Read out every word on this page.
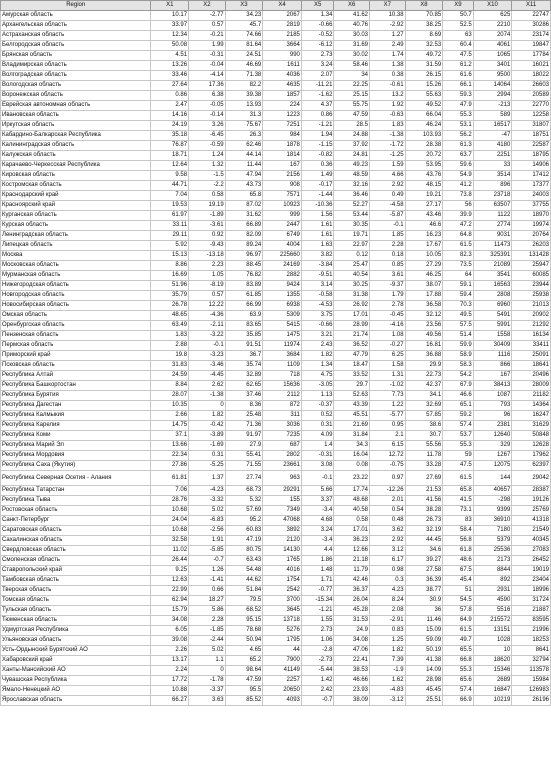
Region	X1	X2	X3	X4	X5	X6	X7	X8	X9	X10	X11
Амурская область	10.17	-2.77	34.23	2067	1.34	41.62	10.38	70.85	50.7	625	22747
Архангельская область	33.97	0.57	45.7	2819	-0.66	40.76	-2.92	38.25	52.5	2210	30286
Астраханская область	12.34	-0.21	74.66	2185	-0.52	30.03	1.27	8.69	63	2074	23174
Белгородская область	50.08	1.99	81.64	3664	-6.12	31.69	2.49	32.53	60.4	4061	19847
Брянская область	4.51	-0.31	24.51	990	2.73	30.02	1.74	49.72	47.5	1065	17784
Владимирская область	13.26	-0.04	46.69	1611	3.24	58.46	1.38	31.59	61.2	3401	16021
Волгоградская область	33.46	-4.14	71.38	4036	2.07	34	0.38	26.15	61.6	9500	18022
Вологодская область	27.64	17.36	82.2	4635	-11.21	22.25	-0.61	15.26	66.1	14064	26603
Воронежская область	0.86	6.38	39.38	1857	-1.62	25.15	13.2	55.63	59.3	2994	20589
Еврейская автономная область	2.47	-0.05	13.93	224	4.37	55.75	1.92	49.52	47.9	-213	22770
Ивановская область	14.16	-0.14	31.3	1223	0.86	47.59	-0.63	66.04	55.3	589	12258
Иркутская область	24.19	3.26	75.67	7251	-1.21	28.5	1.83	46.24	53.1	16517	31807
Кабардино-Балкарская Республика	35.18	-6.45	26.3	984	1.94	24.88	-1.38	103.93	56.2	-47	18751
Калининградская область	76.87	-0.59	62.46	1878	-1.15	37.92	-1.72	28.38	61.3	4180	22587
Калужская область	18.71	1.24	44.14	1814	-0.82	24.81	-1.25	20.72	63.7	2251	18795
Карачаево-Черкесская Республика	12.64	1.32	11.44	167	0.36	49.23	1.59	53.95	59.6	33	14906
Кировская область	9.58	-1.5	47.94	2156	1.49	48.59	4.66	43.76	54.9	3514	17412
Костромская область	44.71	-2.2	43.73	908	-0.17	32.16	2.92	48.15	41.2	896	17377
Краснодарский край	7.04	0.58	65.8	7571	-1.44	36.46	0.49	19.21	73.8	23718	24003
Красноярский край	19.53	19.19	87.02	10923	-10.36	52.27	-4.58	27.17	56	63507	37755
Курганская область	61.97	-1.89	31.62	999	1.56	53.44	-5.87	43.46	39.9	1122	18970
Курская область	33.11	-3.61	66.89	2447	1.61	30.35	-0.1	46.6	47.2	2774	19974
Ленинградская область	29.11	0.92	82.09	6749	1.61	19.71	1.85	16.23	64.8	9031	20764
Липецкая область	5.92	-9.43	89.24	4004	1.63	22.97	2.28	17.67	61.5	11473	26203
Москва	15.13	-13.18	96.97	225660	3.82	0.12	0.18	10.05	82.3	325391	131428
Московская область	8.86	2.23	88.45	24169	-3.84	25.47	0.85	27.29	73.5	21089	25947
Мурманская область	16.69	1.05	76.82	2882	-9.51	40.54	3.61	46.25	64	3541	60085
Нижегородская область	51.96	-8.19	83.89	9424	3.14	30.25	-9.37	38.07	59.1	16563	23944
Новгородская область	35.79	0.57	61.85	1355	-0.58	31.38	1.79	17.88	59.4	2808	25938
Новосибирская область	26.78	12.22	66.99	6938	-4.53	26.92	2.78	36.58	70.3	6960	21013
Омская область	48.65	-4.36	63.9	5309	3.75	17.01	-0.45	32.12	49.5	5491	20902
Оренбургская область	63.49	-2.11	83.65	5415	-0.66	28.99	-4.16	23.56	57.5	5991	21292
Пензенская область	1.83	-3.22	35.85	1475	3.21	21.74	1.08	49.56	51.4	1558	16134
Пермская область	2.88	-0.1	91.51	11974	2.43	36.52	-0.27	16.81	59.9	30409	33411
Приморский край	19.8	-3.23	36.7	3684	1.82	47.79	6.25	36.88	58.9	1116	25091
Псковская область	31.83	-3.46	35.74	1109	1.34	18.47	1.58	29.9	58.3	866	18641
Республика Алтай	24.59	-4.45	32.89	718	4.75	33.52	1.31	22.73	54.2	167	20496
Республика Башкортостан	8.84	2.62	62.65	15636	-3.05	29.7	-1.02	42.37	67.9	38413	28009
Республика Бурятия	28.07	-1.38	37.46	2112	1.13	52.63	7.73	34.1	46.6	1087	21182
Республика Дагестан	10.35	0	8.36	872	-0.37	43.39	1.22	32.69	65.1	793	14364
Республика Калмыкия	2.66	1.82	25.48	311	0.52	45.51	-5.77	57.85	59.2	96	16247
Республика Карелия	14.75	-0.42	71.36	3036	0.31	21.69	0.95	38.6	57.4	2381	31629
Республика Коми	37.1	-3.89	91.97	7235	4.09	31.84	2.1	30.7	53.7	12640	50848
Республика Марий Эл	13.66	-1.69	27.9	687	1.4	34.3	6.15	55.56	55.3	329	12628
Республика Мордовия	22.34	0.31	55.41	2802	-0.31	16.04	12.72	11.78	59	1267	17962
Республика Саха (Якутия)	27.86	-5.25	71.55	23661	3.08	0.08	-0.75	33.28	47.5	12075	62397
Республика Северная Осетия - Алания	61.81	1.37	27.74	963	-0.1	23.22	0.97	27.69	61.5	144	29042
Республика Татарстан	7.06	-4.23	68.73	29291	5.66	17.74	-12.26	21.53	65.8	40657	28387
Республика Тыва	28.76	-3.32	5.32	155	3.37	48.68	2.01	41.56	41.5	-298	19126
Ростовская область	10.68	5.02	57.69	7349	-3.4	40.58	0.54	38.28	73.1	9399	25769
Санкт-Петербург	24.04	-6.83	95.2	47068	4.68	0.58	0.48	26.73	83	36910	41318
Саратовская область	10.68	-2.56	60.83	3892	3.24	17.01	3.62	32.19	58.4	7180	21549
Сахалинская область	32.58	1.91	47.19	2120	-3.4	36.23	2.92	44.45	56.8	5379	40345
Свердловская область	11.02	-5.85	80.75	14130	4.4	12.66	3.12	34.6	61.8	25536	27083
Смоленская область	26.44	-0.7	63.43	1765	1.86	21.18	6.17	39.27	48.6	2173	26452
Ставропольский край	9.25	1.26	54.48	4016	1.48	11.79	0.98	27.58	67.5	8844	19019
Тамбовская область	12.63	-1.41	44.62	1754	1.71	42.46	0.3	36.39	45.4	892	23404
Тверская область	22.99	0.66	51.84	2542	-0.77	36.37	4.23	38.77	51	2931	18996
Томская область	62.94	18.27	79.5	3700	-15.34	26.04	8.24	30.9	54.5	4590	31724
Тульская область	15.79	5.86	68.52	3645	-1.21	45.28	2.08	36	57.8	5516	21887
Тюменская область	34.08	2.28	95.15	13718	1.55	31.53	-2.91	11.46	64.9	215572	83595
Удмуртская Республика	6.05	-1.85	78.68	5276	2.73	24.9	0.83	15.09	61.5	13151	21996
Ульяновская область	39.08	-2.44	50.94	1795	1.06	34.08	1.25	59.09	49.7	1028	18253
Усть-Ордынский Бурятский АО	2.26	5.02	4.65	44	-2.8	47.06	1.82	50.19	65.5	10	8641
Хабаровский край	13.17	1.1	65.2	7900	-2.73	22.41	7.39	41.38	66.8	18620	32794
Ханты-Мансийский АО	2.24	0	98.64	41149	-5.44	38.53	-1.9	14.09	55.3	15346	113578
Чувашская Республика	17.72	-1.78	47.59	2257	1.42	46.66	1.62	28.98	65.6	2689	15984
Ямало-Ненецкий АО	10.88	-3.37	95.5	20650	2.42	23.93	-4.83	45.45	57.4	16847	126983
Ярославская область	66.27	3.63	85.52	4093	-0.7	38.09	-3.12	25.51	66.9	10219	26196
